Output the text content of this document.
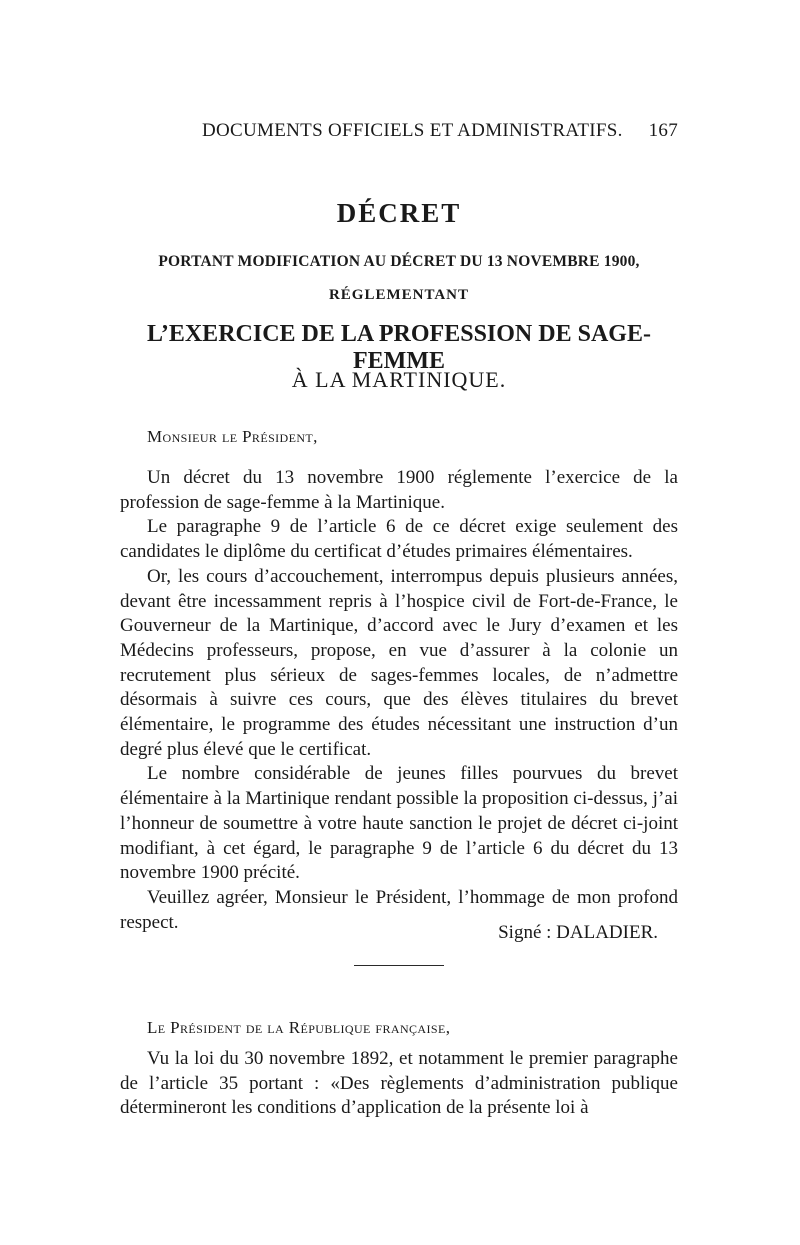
DOCUMENTS OFFICIELS ET ADMINISTRATIFS. 167
DÉCRET
PORTANT MODIFICATION AU DÉCRET DU 13 NOVEMBRE 1900,
RÉGLEMENTANT
L’EXERCICE DE LA PROFESSION DE SAGE-FEMME
À LA MARTINIQUE.
Monsieur le Président,

Un décret du 13 novembre 1900 réglemente l’exercice de la profession de sage-femme à la Martinique.

Le paragraphe 9 de l’article 6 de ce décret exige seulement des candidates le diplôme du certificat d’études primaires élémentaires.

Or, les cours d’accouchement, interrompus depuis plusieurs années, devant être incessamment repris à l’hospice civil de Fort-de-France, le Gouverneur de la Martinique, d’accord avec le Jury d’examen et les Médecins professeurs, propose, en vue d’assurer à la colonie un recrutement plus sérieux de sages-femmes locales, de n’admettre désormais à suivre ces cours, que des élèves titulaires du brevet élémentaire, le programme des études nécessitant une instruction d’un degré plus élevé que le certificat.

Le nombre considérable de jeunes filles pourvues du brevet élémentaire à la Martinique rendant possible la proposition ci-dessus, j’ai l’honneur de soumettre à votre haute sanction le projet de décret ci-joint modifiant, à cet égard, le paragraphe 9 de l’article 6 du décret du 13 novembre 1900 précité.

Veuillez agréer, Monsieur le Président, l’hommage de mon profond respect.	Signé : DALADIER.
Le Président de la République française,

Vu la loi du 30 novembre 1892, et notamment le premier paragraphe de l’article 35 portant : «Des règlements d’administration publique détermineront les conditions d’application de la présente loi à
